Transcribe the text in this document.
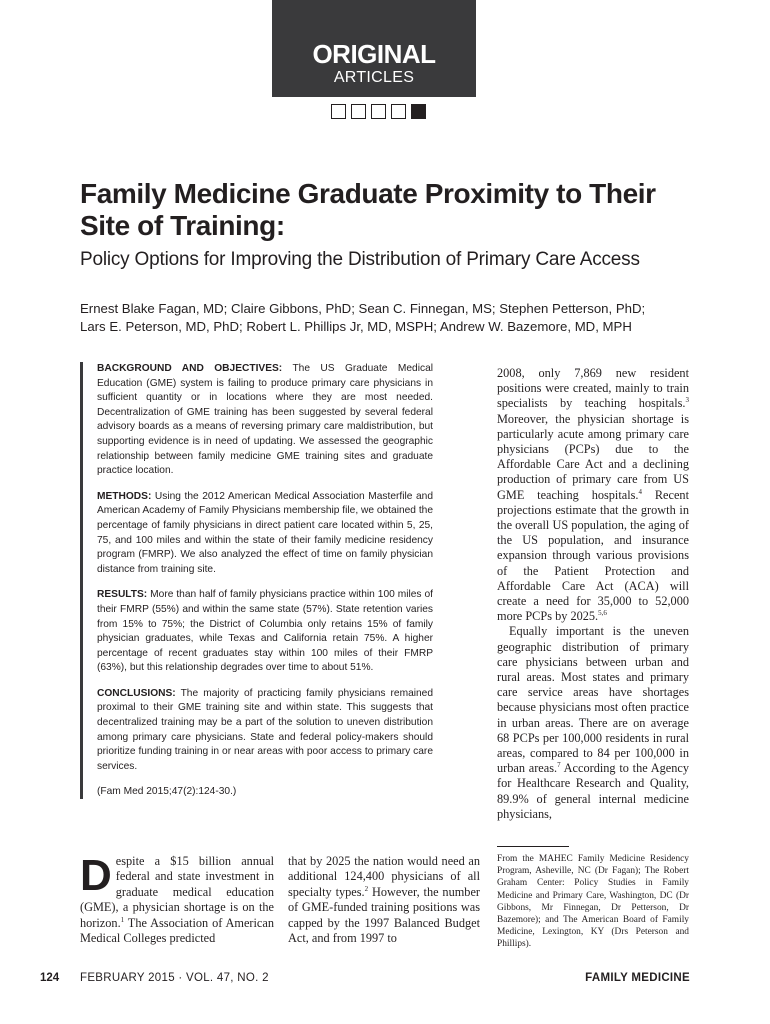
ORIGINAL
ARTICLES
Family Medicine Graduate Proximity to Their Site of Training:
Policy Options for Improving the Distribution of Primary Care Access
Ernest Blake Fagan, MD; Claire Gibbons, PhD; Sean C. Finnegan, MS; Stephen Petterson, PhD;
Lars E. Peterson, MD, PhD; Robert L. Phillips Jr, MD, MSPH; Andrew W. Bazemore, MD, MPH

BACKGROUND AND OBJECTIVES: The US Graduate Medical Education (GME) system is failing to produce primary care physicians in sufficient quantity or in locations where they are most needed. Decentralization of GME training has been suggested by several federal advisory boards as a means of reversing primary care maldistribution, but supporting evidence is in need of updating. We assessed the geographic relationship between family medicine GME training sites and graduate practice location.

METHODS: Using the 2012 American Medical Association Masterfile and American Academy of Family Physicians membership file, we obtained the percentage of family physicians in direct patient care located within 5, 25, 75, and 100 miles and within the state of their family medicine residency program (FMRP). We also analyzed the effect of time on family physician distance from training site.

RESULTS: More than half of family physicians practice within 100 miles of their FMRP (55%) and within the same state (57%). State retention varies from 15% to 75%; the District of Columbia only retains 15% of family physician graduates, while Texas and California retain 75%. A higher percentage of recent graduates stay within 100 miles of their FMRP (63%), but this relationship degrades over time to about 51%.

CONCLUSIONS: The majority of practicing family physicians remained proximal to their GME training site and within state. This suggests that decentralized training may be a part of the solution to uneven distribution among primary care physicians. State and federal policy-makers should prioritize funding training in or near areas with poor access to primary care services.

(Fam Med 2015;47(2):124-30.)

2008, only 7,869 new resident positions were created, mainly to train specialists by teaching hospitals.$^3$ Moreover, the physician shortage is particularly acute among primary care physicians (PCPs) due to the Affordable Care Act and a declining production of primary care from US GME teaching hospitals.$^4$ Recent projections estimate that the growth in the overall US population, the aging of the US population, and insurance expansion through various provisions of the Patient Protection and Affordable Care Act (ACA) will create a need for 35,000 to 52,000 more PCPs by 2025.$^{5,6}$

Equally important is the uneven geographic distribution of primary care physicians between urban and rural areas. Most states and primary care service areas have shortages because physicians most often practice in urban areas. There are on average 68 PCPs per 100,000 residents in rural areas, compared to 84 per 100,000 in urban areas.$^7$ According to the Agency for Healthcare Research and Quality, 89.9% of general internal medicine physicians,

Despite a $15 billion annual federal and state investment in graduate medical education (GME), a physician shortage is on the horizon.$^1$ The Association of American Medical Colleges predicted
that by 2025 the nation would need an additional 124,400 physicians of all specialty types.$^2$ However, the number of GME-funded training positions was capped by the 1997 Balanced Budget Act, and from 1997 to
From the MAHEC Family Medicine Residency Program, Asheville, NC (Dr Fagan); The Robert Graham Center: Policy Studies in Family Medicine and Primary Care, Washington, DC (Dr Gibbons, Mr Finnegan, Dr Petterson, Dr Bazemore); and The American Board of Family Medicine, Lexington, KY (Drs Peterson and Phillips).
124 FEBRUARY 2015 · VOL. 47, NO. 2	FAMILY MEDICINE
